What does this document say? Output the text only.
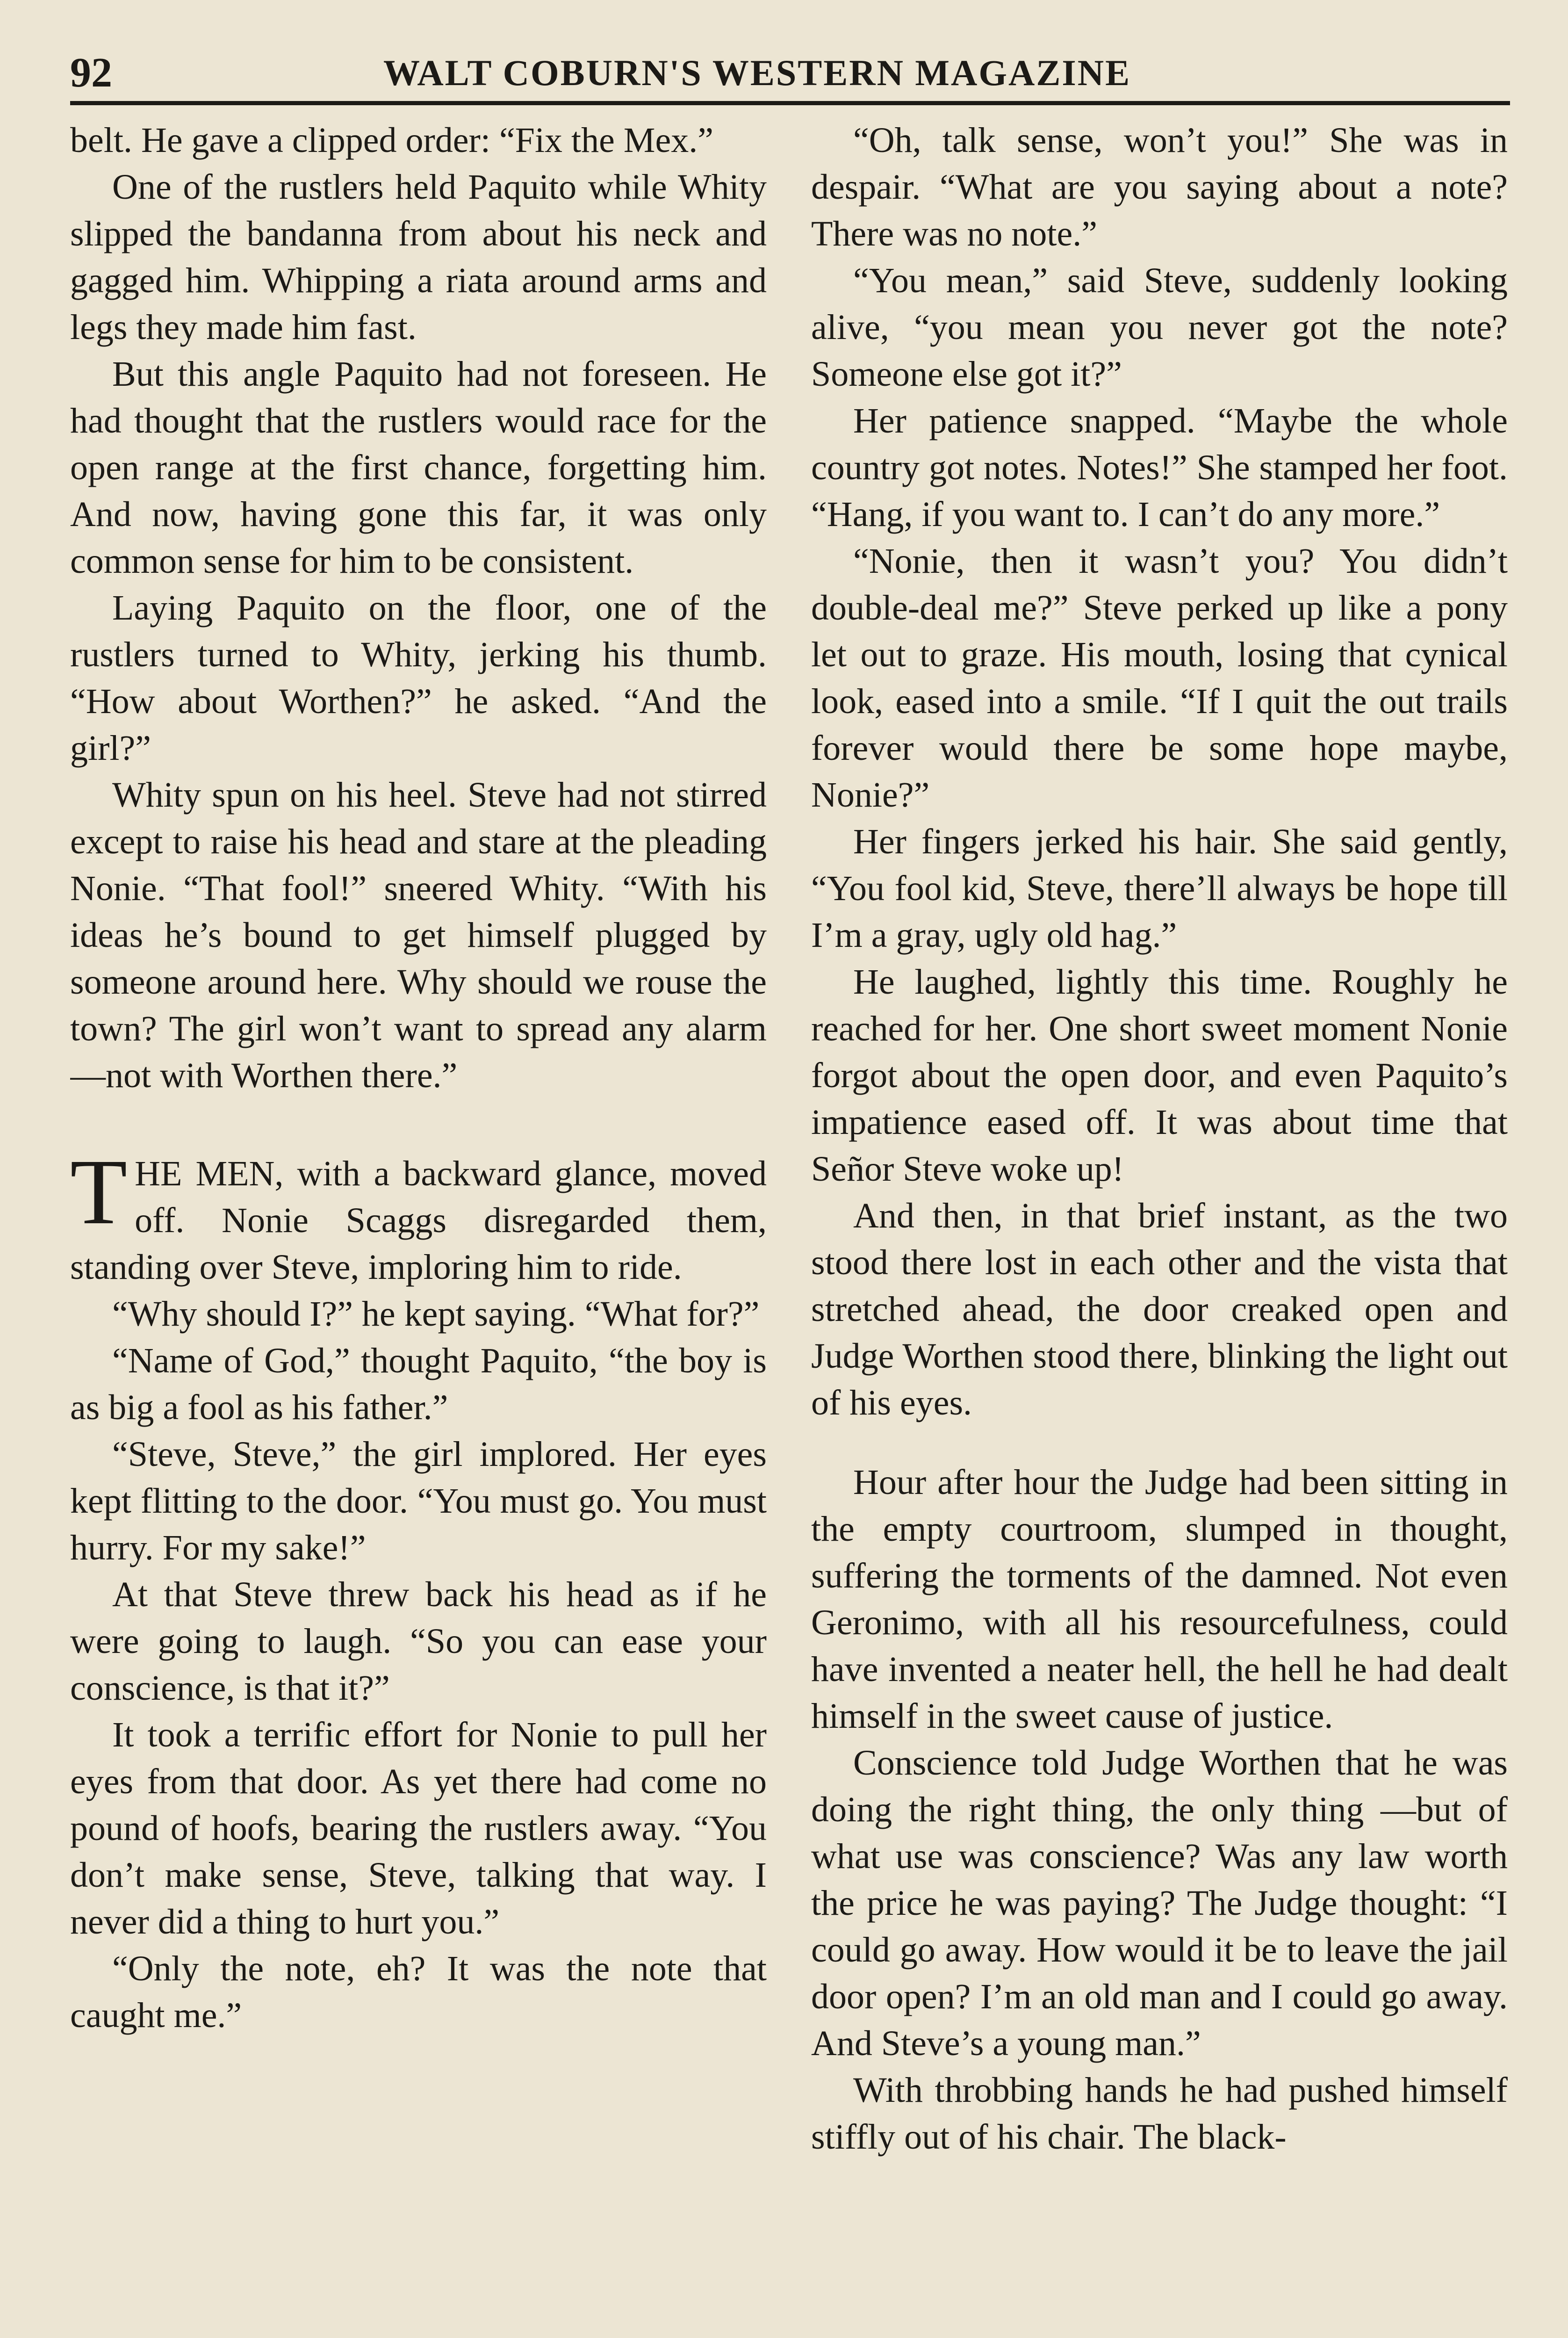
92	WALT COBURN'S WESTERN MAGAZINE

belt. He gave a clipped order: “Fix the Mex.”

One of the rustlers held Paquito while Whity slipped the bandanna from about his neck and gagged him. Whipping a riata around arms and legs they made him fast.

But this angle Paquito had not foreseen. He had thought that the rustlers would race for the open range at the first chance, forgetting him. And now, having gone this far, it was only common sense for him to be consistent.

Laying Paquito on the floor, one of the rustlers turned to Whity, jerking his thumb. “How about Worthen?” he asked. “And the girl?”

Whity spun on his heel. Steve had not stirred except to raise his head and stare at the pleading Nonie. “That fool!” sneered Whity. “With his ideas he’s bound to get himself plugged by someone around here. Why should we rouse the town? The girl won’t want to spread any alarm—not with Worthen there.”

THE MEN, with a backward glance, moved off. Nonie Scaggs disregarded them, standing over Steve, imploring him to ride.

“Why should I?” he kept saying. “What for?”

“Name of God,” thought Paquito, “the boy is as big a fool as his father.”

“Steve, Steve,” the girl implored. Her eyes kept flitting to the door. “You must go. You must hurry. For my sake!”

At that Steve threw back his head as if he were going to laugh. “So you can ease your conscience, is that it?”

It took a terrific effort for Nonie to pull her eyes from that door. As yet there had come no pound of hoofs, bearing the rustlers away. “You don’t make sense, Steve, talking that way. I never did a thing to hurt you.”

“Only the note, eh? It was the note that caught me.”

“Oh, talk sense, won’t you!” She was in despair. “What are you saying about a note? There was no note.”

“You mean,” said Steve, suddenly looking alive, “you mean you never got the note? Someone else got it?”

Her patience snapped. “Maybe the whole country got notes. Notes!” She stamped her foot. “Hang, if you want to. I can’t do any more.”

“Nonie, then it wasn’t you? You didn’t double-deal me?” Steve perked up like a pony let out to graze. His mouth, losing that cynical look, eased into a smile. “If I quit the out trails forever would there be some hope maybe, Nonie?”

Her fingers jerked his hair. She said gently, “You fool kid, Steve, there’ll always be hope till I’m a gray, ugly old hag.”

He laughed, lightly this time. Roughly he reached for her. One short sweet moment Nonie forgot about the open door, and even Paquito’s impatience eased off. It was about time that Señor Steve woke up!

And then, in that brief instant, as the two stood there lost in each other and the vista that stretched ahead, the door creaked open and Judge Worthen stood there, blinking the light out of his eyes.

Hour after hour the Judge had been sitting in the empty courtroom, slumped in thought, suffering the torments of the damned. Not even Geronimo, with all his resourcefulness, could have invented a neater hell, the hell he had dealt himself in the sweet cause of justice.

Conscience told Judge Worthen that he was doing the right thing, the only thing —but of what use was conscience? Was any law worth the price he was paying? The Judge thought: “I could go away. How would it be to leave the jail door open? I’m an old man and I could go away. And Steve’s a young man.”

With throbbing hands he had pushed himself stiffly out of his chair. The black-
